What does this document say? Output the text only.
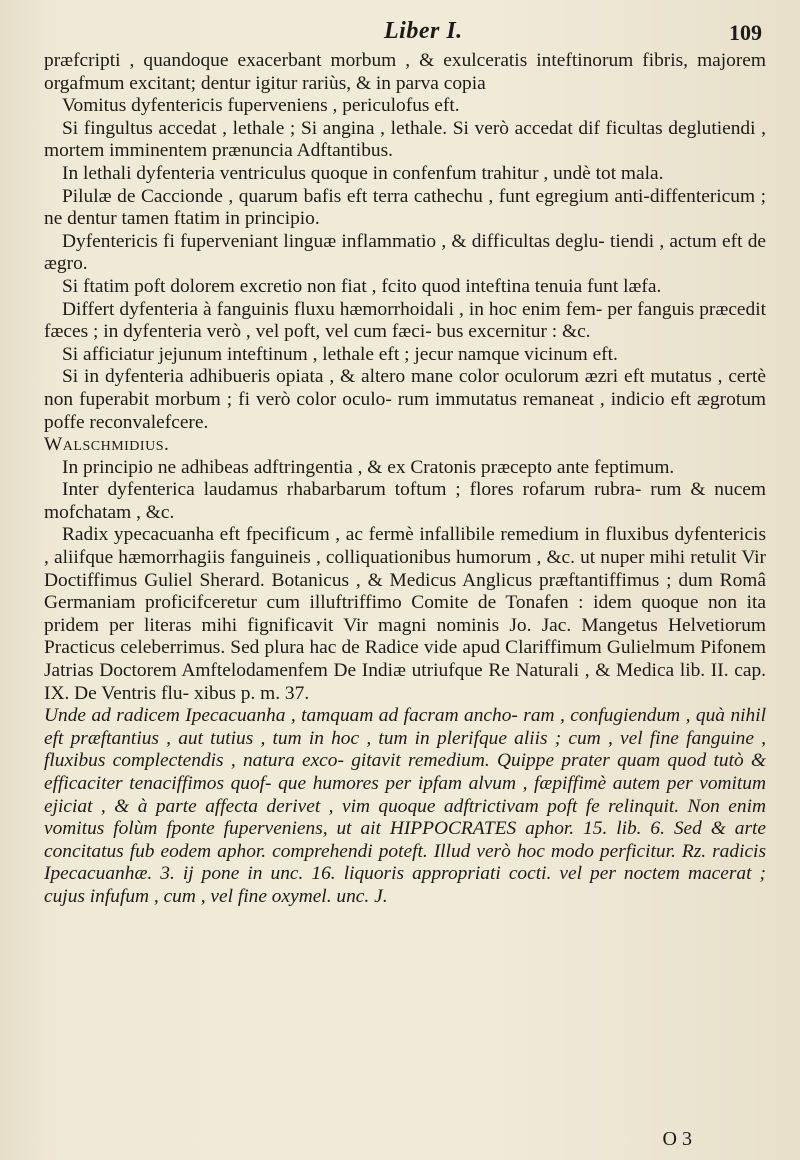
Liber I.	109

præfcripti , quandoque exacerbant morbum , & exulceratis inteftinorum fibris, majorem orgafmum excitant; dentur igitur rariùs, & in parva copia

Vomitus dyfentericis fuperveniens , periculofus eft.

Si fingultus accedat , lethale ; Si angina , lethale. Si verò accedat dif ficultas deglutiendi , mortem imminentem prænuncia Adftantibus.

In lethali dyfenteria ventriculus quoque in confenfum trahitur , undè tot mala.

Pilulæ de Caccionde , quarum bafis eft terra cathechu , funt egregium anti-diffentericum ; ne dentur tamen ftatim in principio.

Dyfentericis fi fuperveniant linguæ inflammatio , & difficultas deglu- tiendi , actum eft de ægro.

Si ftatim poft dolorem excretio non fiat , fcito quod inteftina tenuia funt læfa.

Differt dyfenteria à fanguinis fluxu hæmorrhoidali , in hoc enim fem- per fanguis præcedit fæces ; in dyfenteria verò , vel poft, vel cum fæci- bus excernitur : &c.

Si afficiatur jejunum inteftinum , lethale eft ; jecur namque vicinum eft.

Si in dyfenteria adhibueris opiata , & altero mane color oculorum æzri eft mutatus , certè non fuperabit morbum ; fi verò color oculo- rum immutatus remaneat , indicio eft ægrotum poffe reconvalefcere.

Walschmidius.

In principio ne adhibeas adftringentia , & ex Cratonis præcepto ante feptimum.

Inter dyfenterica laudamus rhabarbarum toftum ; flores rofarum rubra- rum & nucem mofchatam , &c.

Radix ypecacuanha eft fpecificum , ac fermè infallibile remedium in fluxibus dyfentericis , aliifque hæmorrhagiis fanguineis , colliquationibus humorum , &c. ut nuper mihi retulit Vir Doctiffimus Guliel Sherard. Botanicus , & Medicus Anglicus præftantiffimus ; dum Româ Germaniam proficifceretur cum illuftriffimo Comite de Tonafen : idem quoque non ita pridem per literas mihi fignificavit Vir magni nominis Jo. Jac. Mangetus Helvetiorum Practicus celeberrimus. Sed plura hac de Radice vide apud Clariffimum Gulielmum Pifonem Jatrias Doctorem Amftelodamenfem De Indiæ utriufque Re Naturali , & Medica lib. II. cap. IX. De Ventris flu- xibus p. m. 37.

Unde ad radicem Ipecacuanha , tamquam ad facram ancho- ram , confugiendum , quà nihil eft præftantius , aut tutius , tum in hoc , tum in plerifque aliis ; cum , vel fine fanguine , fluxibus complectendis , natura exco- gitavit remedium. Quippe prater quam quod tutò & efficaciter tenaciffimos quof- que humores per ipfam alvum , fæpiffimè autem per vomitum ejiciat , & à parte affecta derivet , vim quoque adftrictivam poft fe relinquit. Non enim vomitus folùm fponte fuperveniens, ut ait HIPPOCRATES aphor. 15. lib. 6. Sed & arte concitatus fub eodem aphor. comprehendi poteft. Illud verò hoc modo perficitur. Rz. radicis Ipecacuanhæ. 3. ij pone in unc. 16. liquoris appropriati cocti. vel per noctem macerat ; cujus infufum , cum , vel fine oxymel. unc. J.

O 3
